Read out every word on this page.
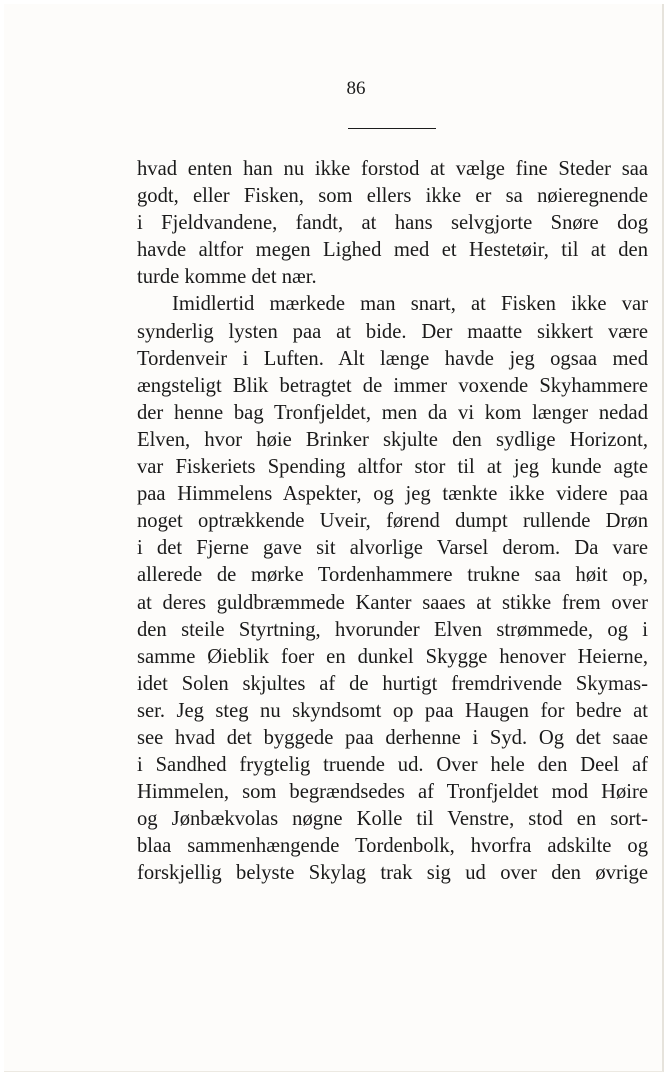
86
hvad enten han nu ikke forstod at vælge fine Steder saa
godt, eller Fisken, som ellers ikke er sa nøieregnende
i Fjeldvandene, fandt, at hans selvgjorte Snøre dog
havde altfor megen Lighed med et Hestetøir, til at den
turde komme det nær.
Imidlertid mærkede man snart, at Fisken ikke var
synderlig lysten paa at bide. Der maatte sikkert være
Tordenveir i Luften. Alt længe havde jeg ogsaa med
ængsteligt Blik betragtet de immer voxende Skyhammere
der henne bag Tronfjeldet, men da vi kom længer nedad
Elven, hvor høie Brinker skjulte den sydlige Horizont,
var Fiskeriets Spending altfor stor til at jeg kunde agte
paa Himmelens Aspekter, og jeg tænkte ikke videre paa
noget optrækkende Uveir, førend dumpt rullende Drøn
i det Fjerne gave sit alvorlige Varsel derom. Da vare
allerede de mørke Tordenhammere trukne saa høit op,
at deres guldbræmmede Kanter saaes at stikke frem over
den steile Styrtning, hvorunder Elven strømmede, og i
samme Øieblik foer en dunkel Skygge henover Heierne,
idet Solen skjultes af de hurtigt fremdrivende Skymas-
ser. Jeg steg nu skyndsomt op paa Haugen for bedre at
see hvad det byggede paa derhenne i Syd. Og det saae
i Sandhed frygtelig truende ud. Over hele den Deel af
Himmelen, som begrændsedes af Tronfjeldet mod Høire
og Jønbækvolas nøgne Kolle til Venstre, stod en sort-
blaa sammenhængende Tordenbolk, hvorfra adskilte og
forskjellig belyste Skylag trak sig ud over den øvrige
